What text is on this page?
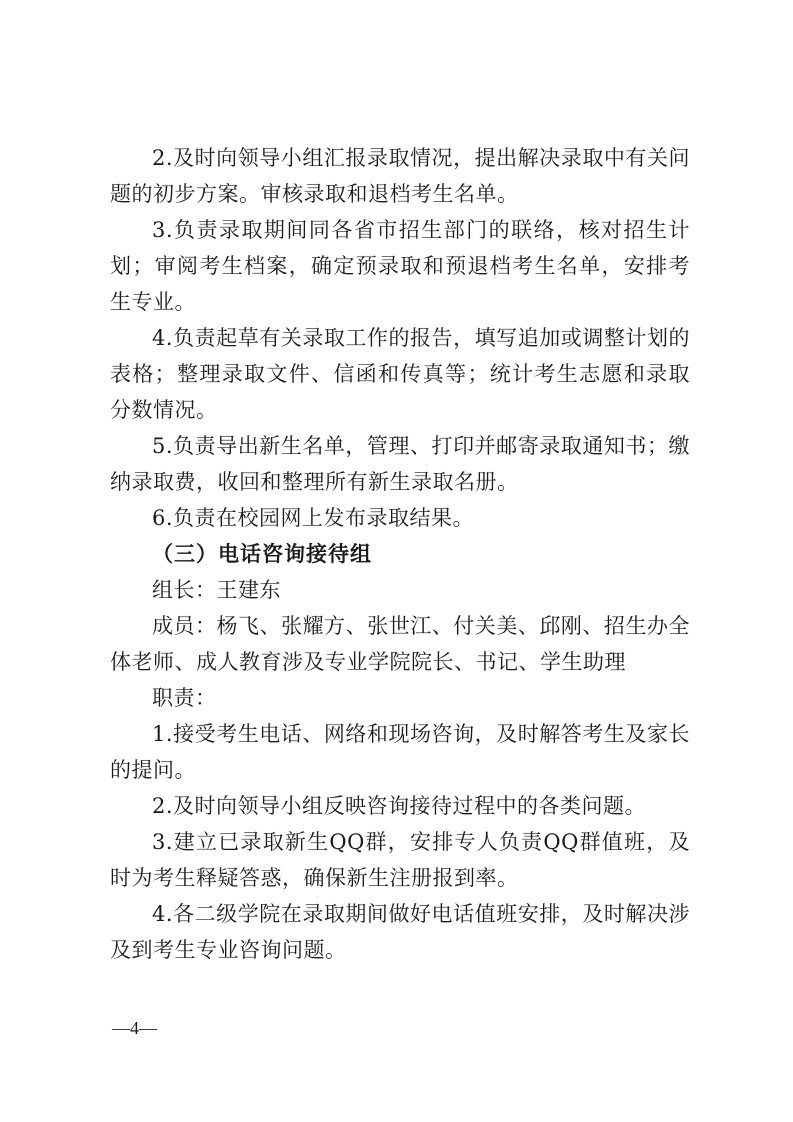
2.及时向领导小组汇报录取情况，提出解决录取中有关问题的初步方案。审核录取和退档考生名单。

3.负责录取期间同各省市招生部门的联络，核对招生计划；审阅考生档案，确定预录取和预退档考生名单，安排考生专业。

4.负责起草有关录取工作的报告，填写追加或调整计划的表格；整理录取文件、信函和传真等；统计考生志愿和录取分数情况。

5.负责导出新生名单，管理、打印并邮寄录取通知书；缴纳录取费，收回和整理所有新生录取名册。

6.负责在校园网上发布录取结果。

（三）电话咨询接待组

组长：王建东

成员：杨飞、张耀方、张世江、付关美、邱刚、招生办全体老师、成人教育涉及专业学院院长、书记、学生助理

职责：

1.接受考生电话、网络和现场咨询，及时解答考生及家长的提问。

2.及时向领导小组反映咨询接待过程中的各类问题。

3.建立已录取新生QQ群，安排专人负责QQ群值班，及时为考生释疑答惑，确保新生注册报到率。

4.各二级学院在录取期间做好电话值班安排，及时解决涉及到考生专业咨询问题。

—4—
